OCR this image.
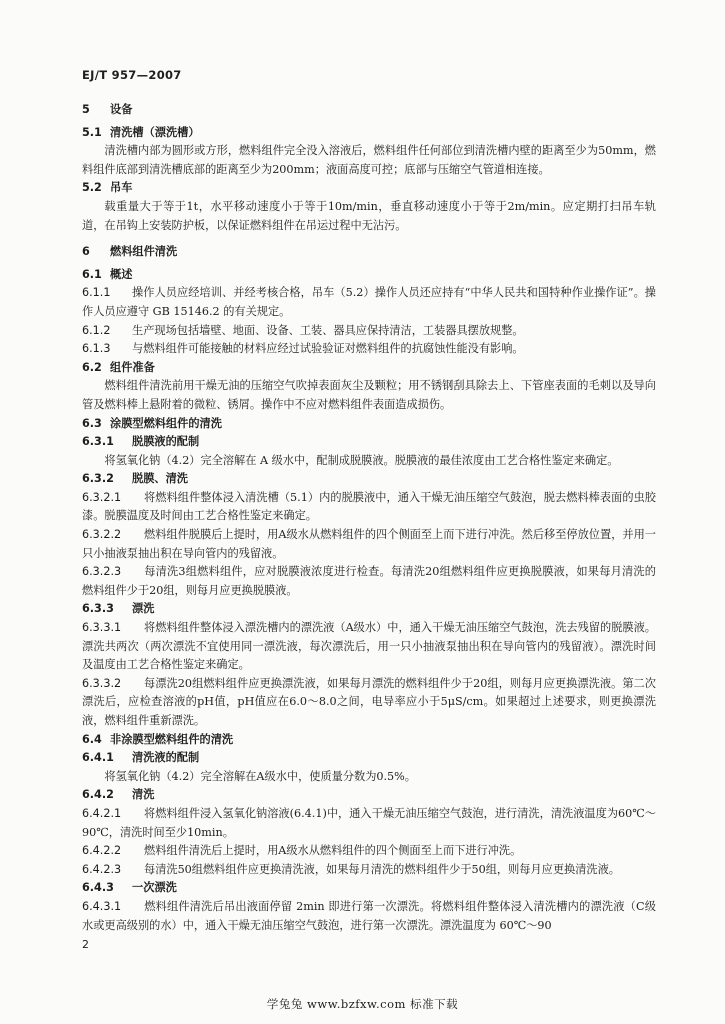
EJ/T 957—2007

5 设备

5.1 清洗槽（漂洗槽）

清洗槽内部为圆形或方形，燃料组件完全没入溶液后，燃料组件任何部位到清洗槽内壁的距离至少为50mm，燃料组件底部到清洗槽底部的距离至少为200mm；液面高度可控；底部与压缩空气管道相连接。

5.2 吊车

载重量大于等于1t，水平移动速度小于等于10m/min，垂直移动速度小于等于2m/min。应定期打扫吊车轨道，在吊钩上安装防护板，以保证燃料组件在吊运过程中无沾污。

6 燃料组件清洗

6.1 概述

6.1.1 操作人员应经培训、并经考核合格，吊车（5.2）操作人员还应持有“中华人民共和国特种作业操作证”。操作人员应遵守 GB 15146.2 的有关规定。

6.1.2 生产现场包括墙壁、地面、设备、工装、器具应保持清洁，工装器具摆放规整。

6.1.3 与燃料组件可能接触的材料应经过试验验证对燃料组件的抗腐蚀性能没有影响。

6.2 组件准备

燃料组件清洗前用干燥无油的压缩空气吹掉表面灰尘及颗粒；用不锈钢刮具除去上、下管座表面的毛刺以及导向管及燃料棒上悬附着的微粒、锈屑。操作中不应对燃料组件表面造成损伤。

6.3 涂膜型燃料组件的清洗

6.3.1 脱膜液的配制

将氢氧化钠（4.2）完全溶解在 A 级水中，配制成脱膜液。脱膜液的最佳浓度由工艺合格性鉴定来确定。

6.3.2 脱膜、清洗

6.3.2.1 将燃料组件整体浸入清洗槽（5.1）内的脱膜液中，通入干燥无油压缩空气鼓泡，脱去燃料棒表面的虫胶漆。脱膜温度及时间由工艺合格性鉴定来确定。

6.3.2.2 燃料组件脱膜后上提时，用A级水从燃料组件的四个侧面至上而下进行冲洗。然后移至停放位置，并用一只小抽液泵抽出积在导向管内的残留液。

6.3.2.3 每清洗3组燃料组件，应对脱膜液浓度进行检查。每清洗20组燃料组件应更换脱膜液，如果每月清洗的燃料组件少于20组，则每月应更换脱膜液。

6.3.3 漂洗

6.3.3.1 将燃料组件整体浸入漂洗槽内的漂洗液（A级水）中，通入干燥无油压缩空气鼓泡，洗去残留的脱膜液。漂洗共两次（两次漂洗不宜使用同一漂洗液，每次漂洗后，用一只小抽液泵抽出积在导向管内的残留液）。漂洗时间及温度由工艺合格性鉴定来确定。

6.3.3.2 每漂洗20组燃料组件应更换漂洗液，如果每月漂洗的燃料组件少于20组，则每月应更换漂洗液。第二次漂洗后，应检查溶液的pH值，pH值应在6.0～8.0之间，电导率应小于5μS/cm。如果超过上述要求，则更换漂洗液，燃料组件重新漂洗。

6.4 非涂膜型燃料组件的清洗

6.4.1 清洗液的配制

将氢氧化钠（4.2）完全溶解在A级水中，使质量分数为0.5%。

6.4.2 清洗

6.4.2.1 将燃料组件浸入氢氧化钠溶液(6.4.1)中，通入干燥无油压缩空气鼓泡，进行清洗，清洗液温度为60℃～90℃，清洗时间至少10min。

6.4.2.2 燃料组件清洗后上提时，用A级水从燃料组件的四个侧面至上而下进行冲洗。

6.4.2.3 每清洗50组燃料组件应更换清洗液，如果每月清洗的燃料组件少于50组，则每月应更换清洗液。

6.4.3 一次漂洗

6.4.3.1 燃料组件清洗后吊出液面停留 2min 即进行第一次漂洗。将燃料组件整体浸入清洗槽内的漂洗液（C级水或更高级别的水）中，通入干燥无油压缩空气鼓泡，进行第一次漂洗。漂洗温度为 60℃～90

2
学兔兔 www.bzfxw.com 标准下载
